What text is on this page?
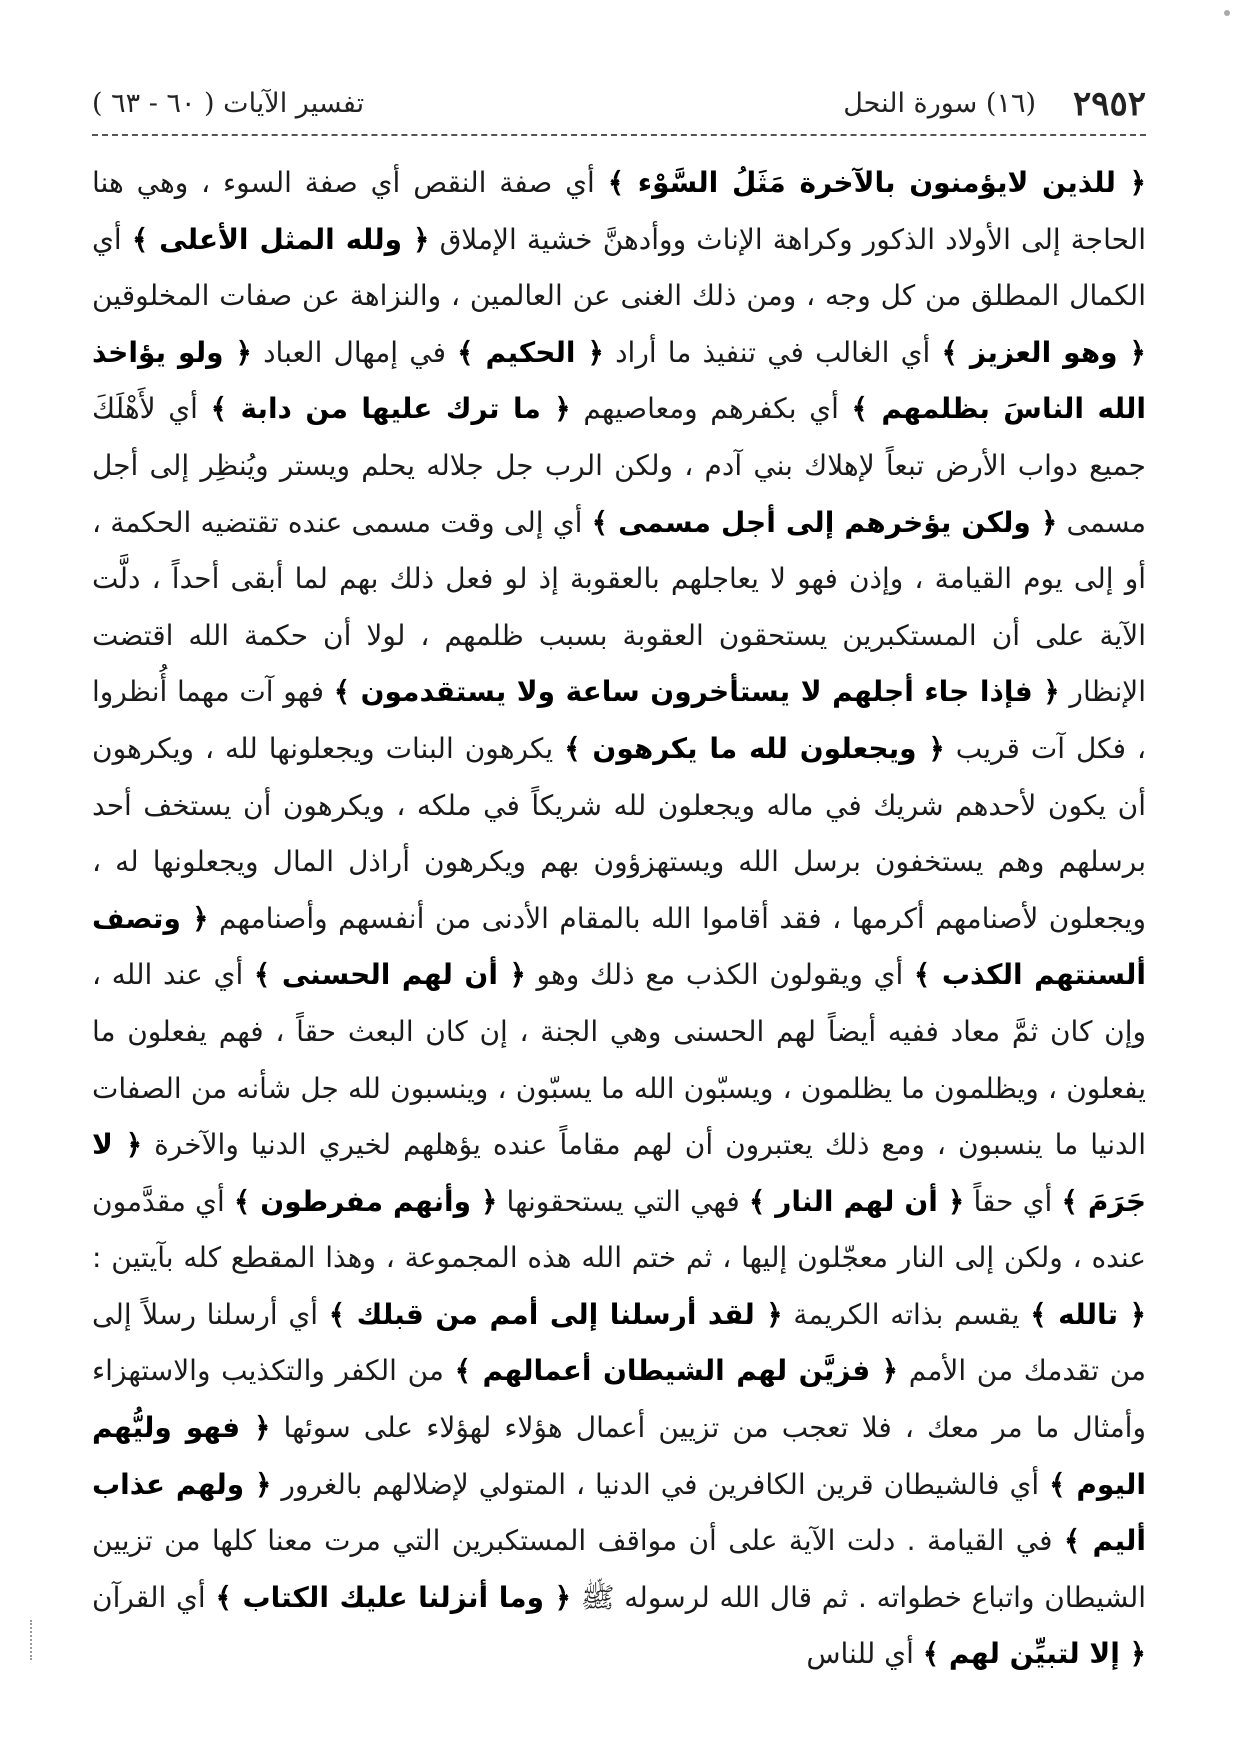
٢٩٥٢
(١٦) سورة النحل
تفسير الآيات ( ٦٠ - ٦٣ )

﴿ للذين لايؤمنون بالآخرة مَثَلُ السَّوْء ﴾ أي صفة النقص أي صفة السوء ، وهي هنا الحاجة إلى الأولاد الذكور وكراهة الإناث ووأدهنَّ خشية الإملاق ﴿ ولله المثل الأعلى ﴾ أي الكمال المطلق من كل وجه ، ومن ذلك الغنى عن العالمين ، والنزاهة عن صفات المخلوقين ﴿ وهو العزيز ﴾ أي الغالب في تنفيذ ما أراد ﴿ الحكيم ﴾ في إمهال العباد ﴿ ولو يؤاخذ الله الناسَ بظلمهم ﴾ أي بكفرهم ومعاصيهم ﴿ ما ترك عليها من دابة ﴾ أي لأَهْلَكَ جميع دواب الأرض تبعاً لإهلاك بني آدم ، ولكن الرب جل جلاله يحلم ويستر ويُنظِر إلى أجل مسمى ﴿ ولكن يؤخرهم إلى أجل مسمى ﴾ أي إلى وقت مسمى عنده تقتضيه الحكمة ، أو إلى يوم القيامة ، وإذن فهو لا يعاجلهم بالعقوبة إذ لو فعل ذلك بهم لما أبقى أحداً ، دلَّت الآية على أن المستكبرين يستحقون العقوبة بسبب ظلمهم ، لولا أن حكمة الله اقتضت الإنظار ﴿ فإذا جاء أجلهم لا يستأخرون ساعة ولا يستقدمون ﴾ فهو آت مهما أُنظروا ، فكل آت قريب ﴿ ويجعلون لله ما يكرهون ﴾ يكرهون البنات ويجعلونها لله ، ويكرهون أن يكون لأحدهم شريك في ماله ويجعلون لله شريكاً في ملكه ، ويكرهون أن يستخف أحد برسلهم وهم يستخفون برسل الله ويستهزؤون بهم ويكرهون أراذل المال ويجعلونها له ، ويجعلون لأصنامهم أكرمها ، فقد أقاموا الله بالمقام الأدنى من أنفسهم وأصنامهم ﴿ وتصف ألسنتهم الكذب ﴾ أي ويقولون الكذب مع ذلك وهو ﴿ أن لهم الحسنى ﴾ أي عند الله ، وإن كان ثمَّ معاد ففيه أيضاً لهم الحسنى وهي الجنة ، إن كان البعث حقاً ، فهم يفعلون ما يفعلون ، ويظلمون ما يظلمون ، ويسبّون الله ما يسبّون ، وينسبون لله جل شأنه من الصفات الدنيا ما ينسبون ، ومع ذلك يعتبرون أن لهم مقاماً عنده يؤهلهم لخيري الدنيا والآخرة ﴿ لا جَرَمَ ﴾ أي حقاً ﴿ أن لهم النار ﴾ فهي التي يستحقونها ﴿ وأنهم مفرطون ﴾ أي مقدَّمون عنده ، ولكن إلى النار معجّلون إليها ، ثم ختم الله هذه المجموعة ، وهذا المقطع كله بآيتين : ﴿ تالله ﴾ يقسم بذاته الكريمة ﴿ لقد أرسلنا إلى أمم من قبلك ﴾ أي أرسلنا رسلاً إلى من تقدمك من الأمم ﴿ فزيَّن لهم الشيطان أعمالهم ﴾ من الكفر والتكذيب والاستهزاء وأمثال ما مر معك ، فلا تعجب من تزيين أعمال هؤلاء لهؤلاء على سوئها ﴿ فهو وليُّهم اليوم ﴾ أي فالشيطان قرين الكافرين في الدنيا ، المتولي لإضلالهم بالغرور ﴿ ولهم عذاب أليم ﴾ في القيامة . دلت الآية على أن مواقف المستكبرين التي مرت معنا كلها من تزيين الشيطان واتباع خطواته . ثم قال الله لرسوله ﷺ ﴿ وما أنزلنا عليك الكتاب ﴾ أي القرآن ﴿ إلا لتبيِّن لهم ﴾ أي للناس
